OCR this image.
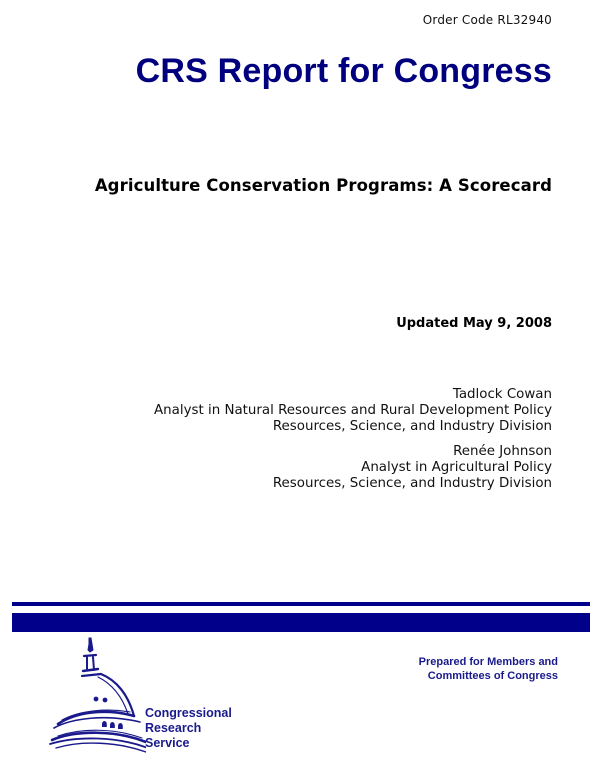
Order Code RL32940
CRS Report for Congress
Agriculture Conservation Programs: A Scorecard
Updated May 9, 2008
Tadlock Cowan
Analyst in Natural Resources and Rural Development Policy
Resources, Science, and Industry Division
Renée Johnson
Analyst in Agricultural Policy
Resources, Science, and Industry Division
Congressional
Research
Service
Prepared for Members and
Committees of Congress
